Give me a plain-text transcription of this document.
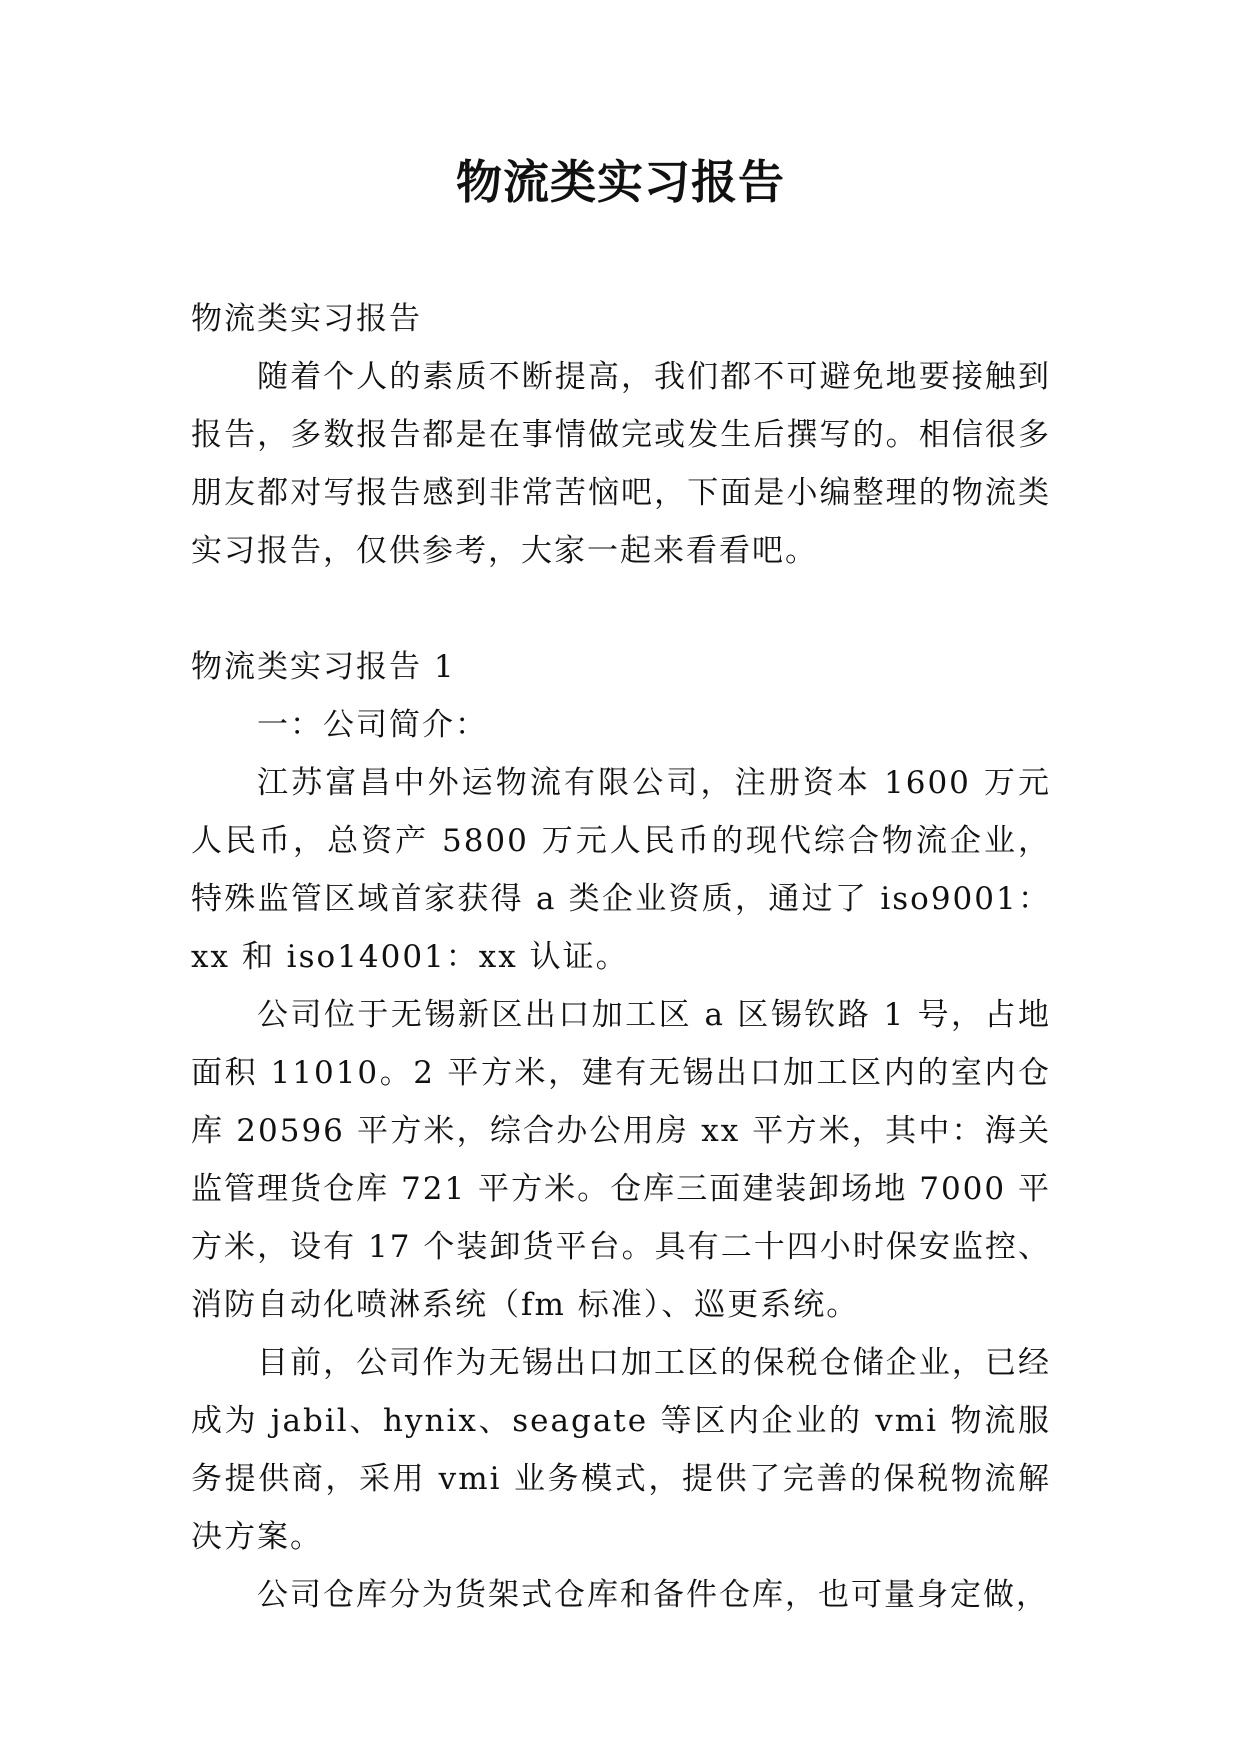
物流类实习报告

物流类实习报告

随着个人的素质不断提高，我们都不可避免地要接触到报告，多数报告都是在事情做完或发生后撰写的。相信很多朋友都对写报告感到非常苦恼吧，下面是小编整理的物流类实习报告，仅供参考，大家一起来看看吧。

物流类实习报告 1

一：公司简介：

江苏富昌中外运物流有限公司，注册资本 1600 万元人民币，总资产 5800 万元人民币的现代综合物流企业，特殊监管区域首家获得 a 类企业资质，通过了 iso9001：xx 和 iso14001：xx 认证。

公司位于无锡新区出口加工区 a 区锡钦路 1 号，占地面积 11010。2 平方米，建有无锡出口加工区内的室内仓库 20596 平方米，综合办公用房 xx 平方米，其中：海关监管理货仓库 721 平方米。仓库三面建装卸场地 7000 平方米，设有 17 个装卸货平台。具有二十四小时保安监控、消防自动化喷淋系统（fm 标准）、巡更系统。

目前，公司作为无锡出口加工区的保税仓储企业，已经成为 jabil、hynix、seagate 等区内企业的 vmi 物流服务提供商，采用 vmi 业务模式，提供了完善的保税物流解决方案。

公司仓库分为货架式仓库和备件仓库，也可量身定做，
